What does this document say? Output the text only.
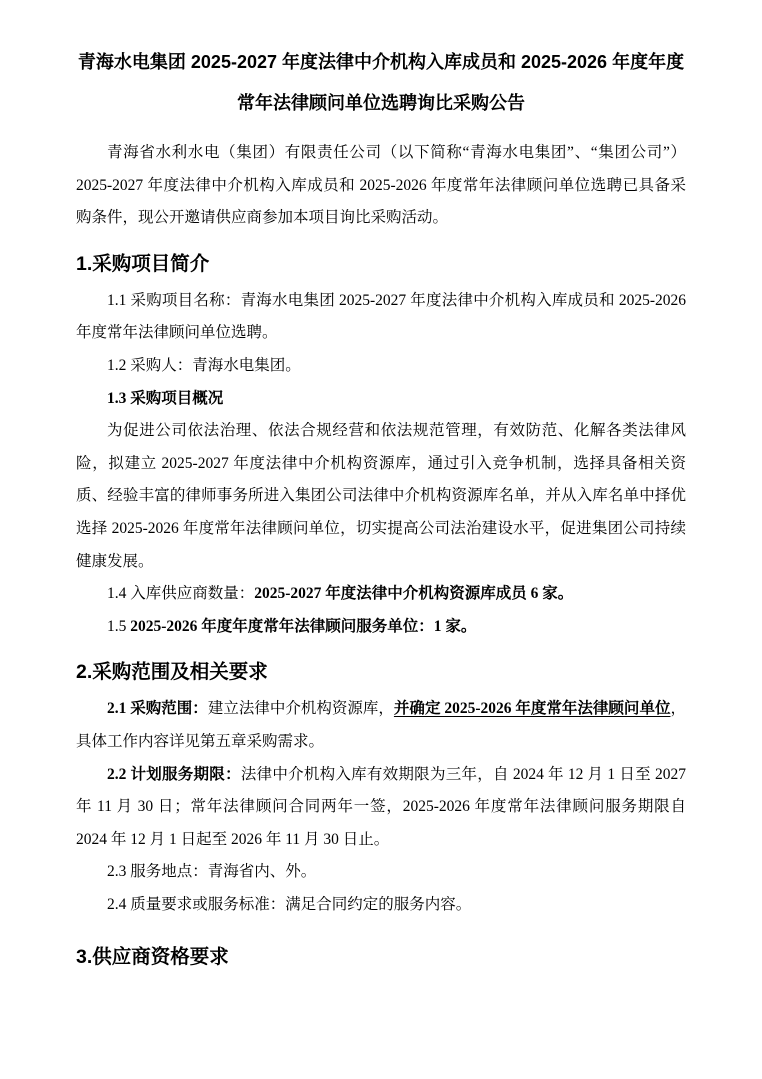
青海水电集团 2025-2027 年度法律中介机构入库成员和 2025-2026 年度年度
常年法律顾问单位选聘询比采购公告

青海省水利水电（集团）有限责任公司（以下简称“青海水电集团”、“集团公司”）2025-2027 年度法律中介机构入库成员和 2025-2026 年度常年法律顾问单位选聘已具备采购条件，现公开邀请供应商参加本项目询比采购活动。

1.采购项目简介

1.1 采购项目名称：青海水电集团 2025-2027 年度法律中介机构入库成员和 2025-2026 年度常年法律顾问单位选聘。

1.2 采购人：青海水电集团。

1.3 采购项目概况

为促进公司依法治理、依法合规经营和依法规范管理，有效防范、化解各类法律风险，拟建立 2025-2027 年度法律中介机构资源库，通过引入竞争机制，选择具备相关资质、经验丰富的律师事务所进入集团公司法律中介机构资源库名单，并从入库名单中择优选择 2025-2026 年度常年法律顾问单位，切实提高公司法治建设水平，促进集团公司持续健康发展。

1.4 入库供应商数量：2025-2027 年度法律中介机构资源库成员 6 家。

1.5 2025-2026 年度年度常年法律顾问服务单位：1 家。

2.采购范围及相关要求

2.1 采购范围：建立法律中介机构资源库，并确定 2025-2026 年度常年法律顾问单位，具体工作内容详见第五章采购需求。

2.2 计划服务期限：法律中介机构入库有效期限为三年，自 2024 年 12 月 1 日至 2027 年 11 月 30 日；常年法律顾问合同两年一签，2025-2026 年度常年法律顾问服务期限自 2024 年 12 月 1 日起至 2026 年 11 月 30 日止。

2.3 服务地点：青海省内、外。

2.4 质量要求或服务标准：满足合同约定的服务内容。

3.供应商资格要求
